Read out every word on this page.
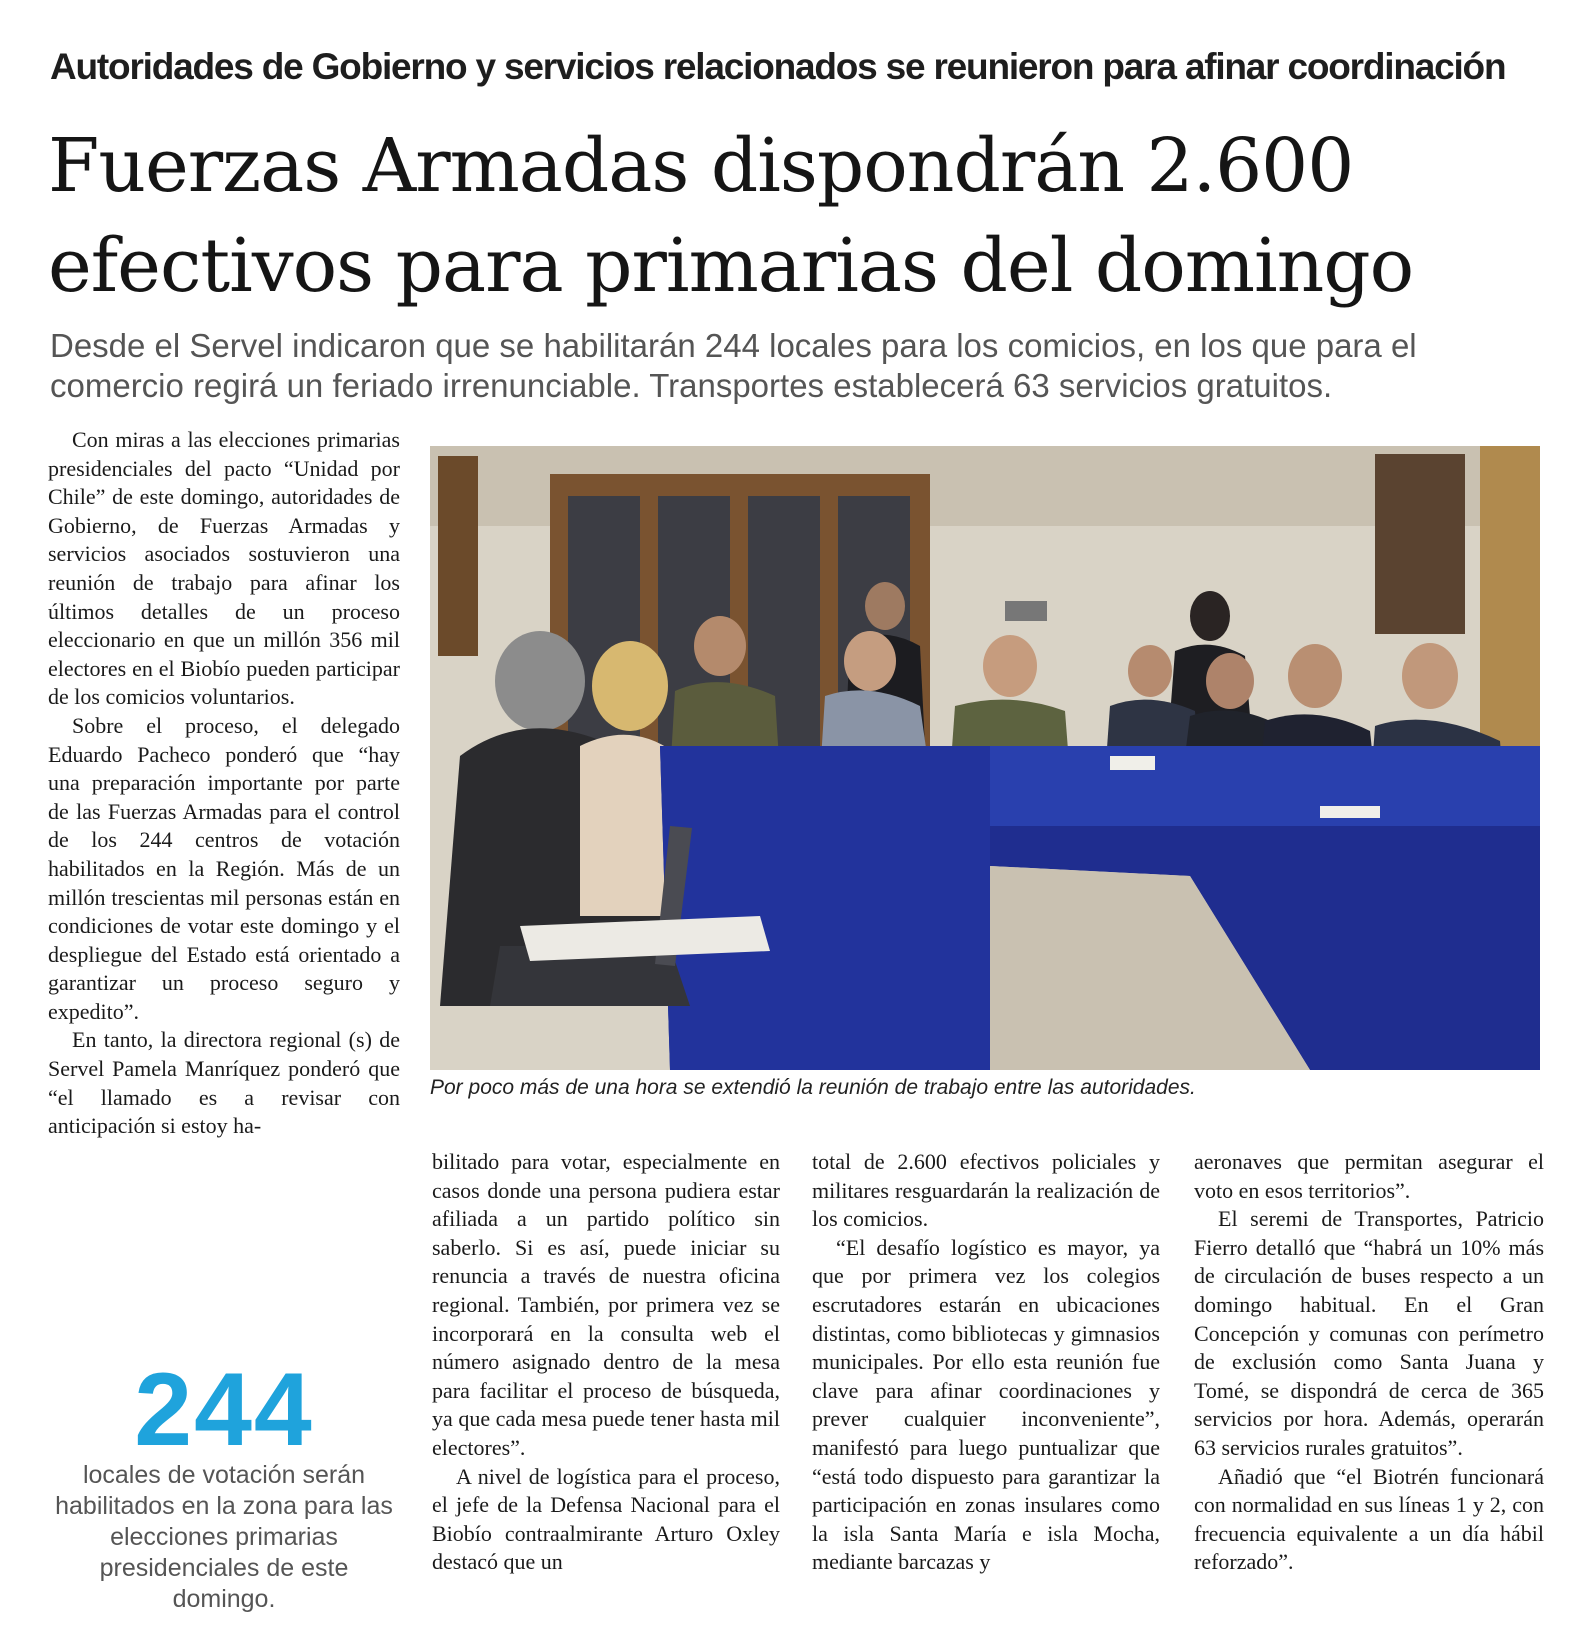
Autoridades de Gobierno y servicios relacionados se reunieron para afinar coordinación
Fuerzas Armadas dispondrán 2.600
efectivos para primarias del domingo

Desde el Servel indicaron que se habilitarán 244 locales para los comicios, en los que para el comercio regirá un feriado irrenunciable. Transportes establecerá 63 servicios gratuitos.

Con miras a las elecciones primarias presidenciales del pacto “Unidad por Chile” de este domingo, autoridades de Gobierno, de Fuerzas Armadas y servicios asociados sostuvieron una reunión de trabajo para afinar los últimos detalles de un proceso eleccionario en que un millón 356 mil electores en el Biobío pueden participar de los comicios voluntarios.

Sobre el proceso, el delegado Eduardo Pacheco ponderó que “hay una preparación importante por parte de las Fuerzas Armadas para el control de los 244 centros de votación habilitados en la Región. Más de un millón trescientas mil personas están en condiciones de votar este domingo y el despliegue del Estado está orientado a garantizar un proceso seguro y expedito”.

En tanto, la directora regional (s) de Servel Pamela Manríquez ponderó que “el llamado es a revisar con anticipación si estoy ha-

Por poco más de una hora se extendió la reunión de trabajo entre las autoridades.

bilitado para votar, especialmente en casos donde una persona pudiera estar afiliada a un partido político sin saberlo. Si es así, puede iniciar su renuncia a través de nuestra oficina regional. También, por primera vez se incorporará en la consulta web el número asignado dentro de la mesa para facilitar el proceso de búsqueda, ya que cada mesa puede tener hasta mil electores”.

A nivel de logística para el proceso, el jefe de la Defensa Nacional para el Biobío contraalmirante Arturo Oxley destacó que un

total de 2.600 efectivos policiales y militares resguardarán la realización de los comicios.

“El desafío logístico es mayor, ya que por primera vez los colegios escrutadores estarán en ubicaciones distintas, como bibliotecas y gimnasios municipales. Por ello esta reunión fue clave para afinar coordinaciones y prever cualquier inconveniente”, manifestó para luego puntualizar que “está todo dispuesto para garantizar la participación en zonas insulares como la isla Santa María e isla Mocha, mediante barcazas y

aeronaves que permitan asegurar el voto en esos territorios”.

El seremi de Transportes, Patricio Fierro detalló que “habrá un 10% más de circulación de buses respecto a un domingo habitual. En el Gran Concepción y comunas con perímetro de exclusión como Santa Juana y Tomé, se dispondrá de cerca de 365 servicios por hora. Además, operarán 63 servicios rurales gratuitos”.

Añadió que “el Biotrén funcionará con normalidad en sus líneas 1 y 2, con frecuencia equivalente a un día hábil reforzado”.

244
locales de votación serán habilitados en la zona para las elecciones primarias presidenciales de este domingo.
